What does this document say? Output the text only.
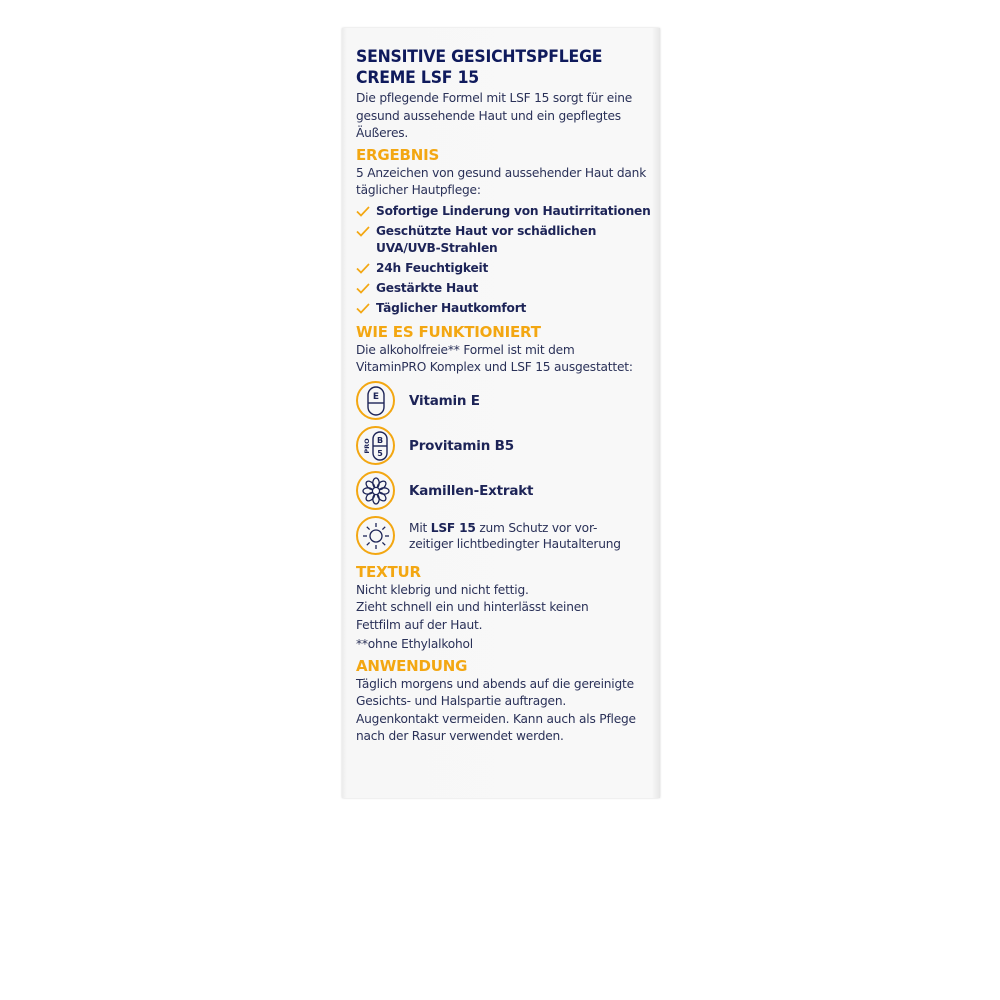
SENSITIVE GESICHTSPFLEGE
CREME LSF 15

Die pflegende Formel mit LSF 15 sorgt für eine

gesund aussehende Haut und ein gepflegtes

Äußeres.

ERGEBNIS

5 Anzeichen von gesund aussehender Haut dank

täglicher Hautpflege:

Sofortige Linderung von Hautirritationen
Geschützte Haut vor schädlichen
UVA/UVB-Strahlen
24h Feuchtigkeit
Gestärkte Haut
Täglicher Hautkomfort
WIE ES FUNKTIONIERT

Die alkoholfreie** Formel ist mit dem

VitaminPRO Komplex und LSF 15 ausgestattet:

E Vitamin E
PRO B
5 Provitamin B5
Kamillen-Extrakt
Mit LSF 15 zum Schutz vor vor-
zeitiger lichtbedingter Hautalterung
TEXTUR

Nicht klebrig und nicht fettig.

Zieht schnell ein und hinterlässt keinen

Fettfilm auf der Haut.

**ohne Ethylalkohol

ANWENDUNG

Täglich morgens und abends auf die gereinigte

Gesichts- und Halspartie auftragen.

Augenkontakt vermeiden. Kann auch als Pflege

nach der Rasur verwendet werden.
